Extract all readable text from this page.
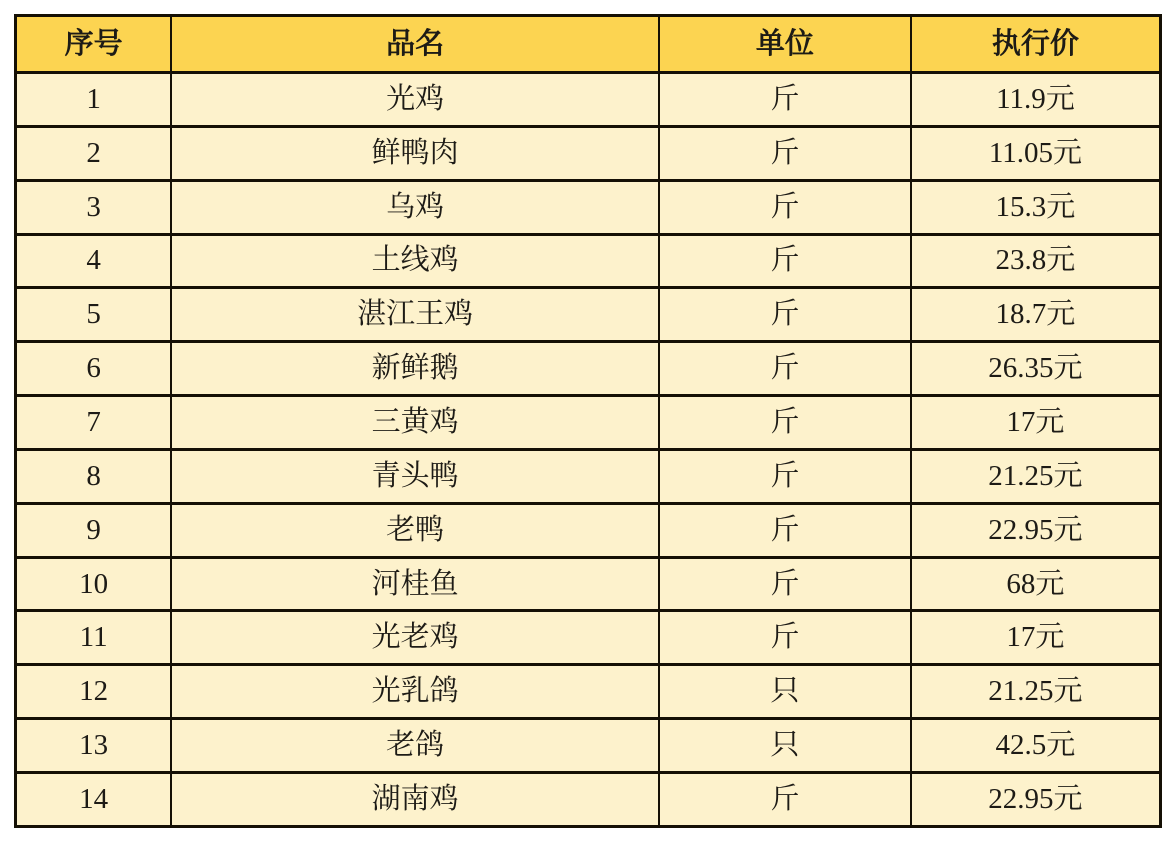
序号	品名	单位	执行价
1	光鸡	斤	11.9元
2	鲜鸭肉	斤	11.05元
3	乌鸡	斤	15.3元
4	土线鸡	斤	23.8元
5	湛江王鸡	斤	18.7元
6	新鲜鹅	斤	26.35元
7	三黄鸡	斤	17元
8	青头鸭	斤	21.25元
9	老鸭	斤	22.95元
10	河桂鱼	斤	68元
11	光老鸡	斤	17元
12	光乳鸽	只	21.25元
13	老鸽	只	42.5元
14	湖南鸡	斤	22.95元
